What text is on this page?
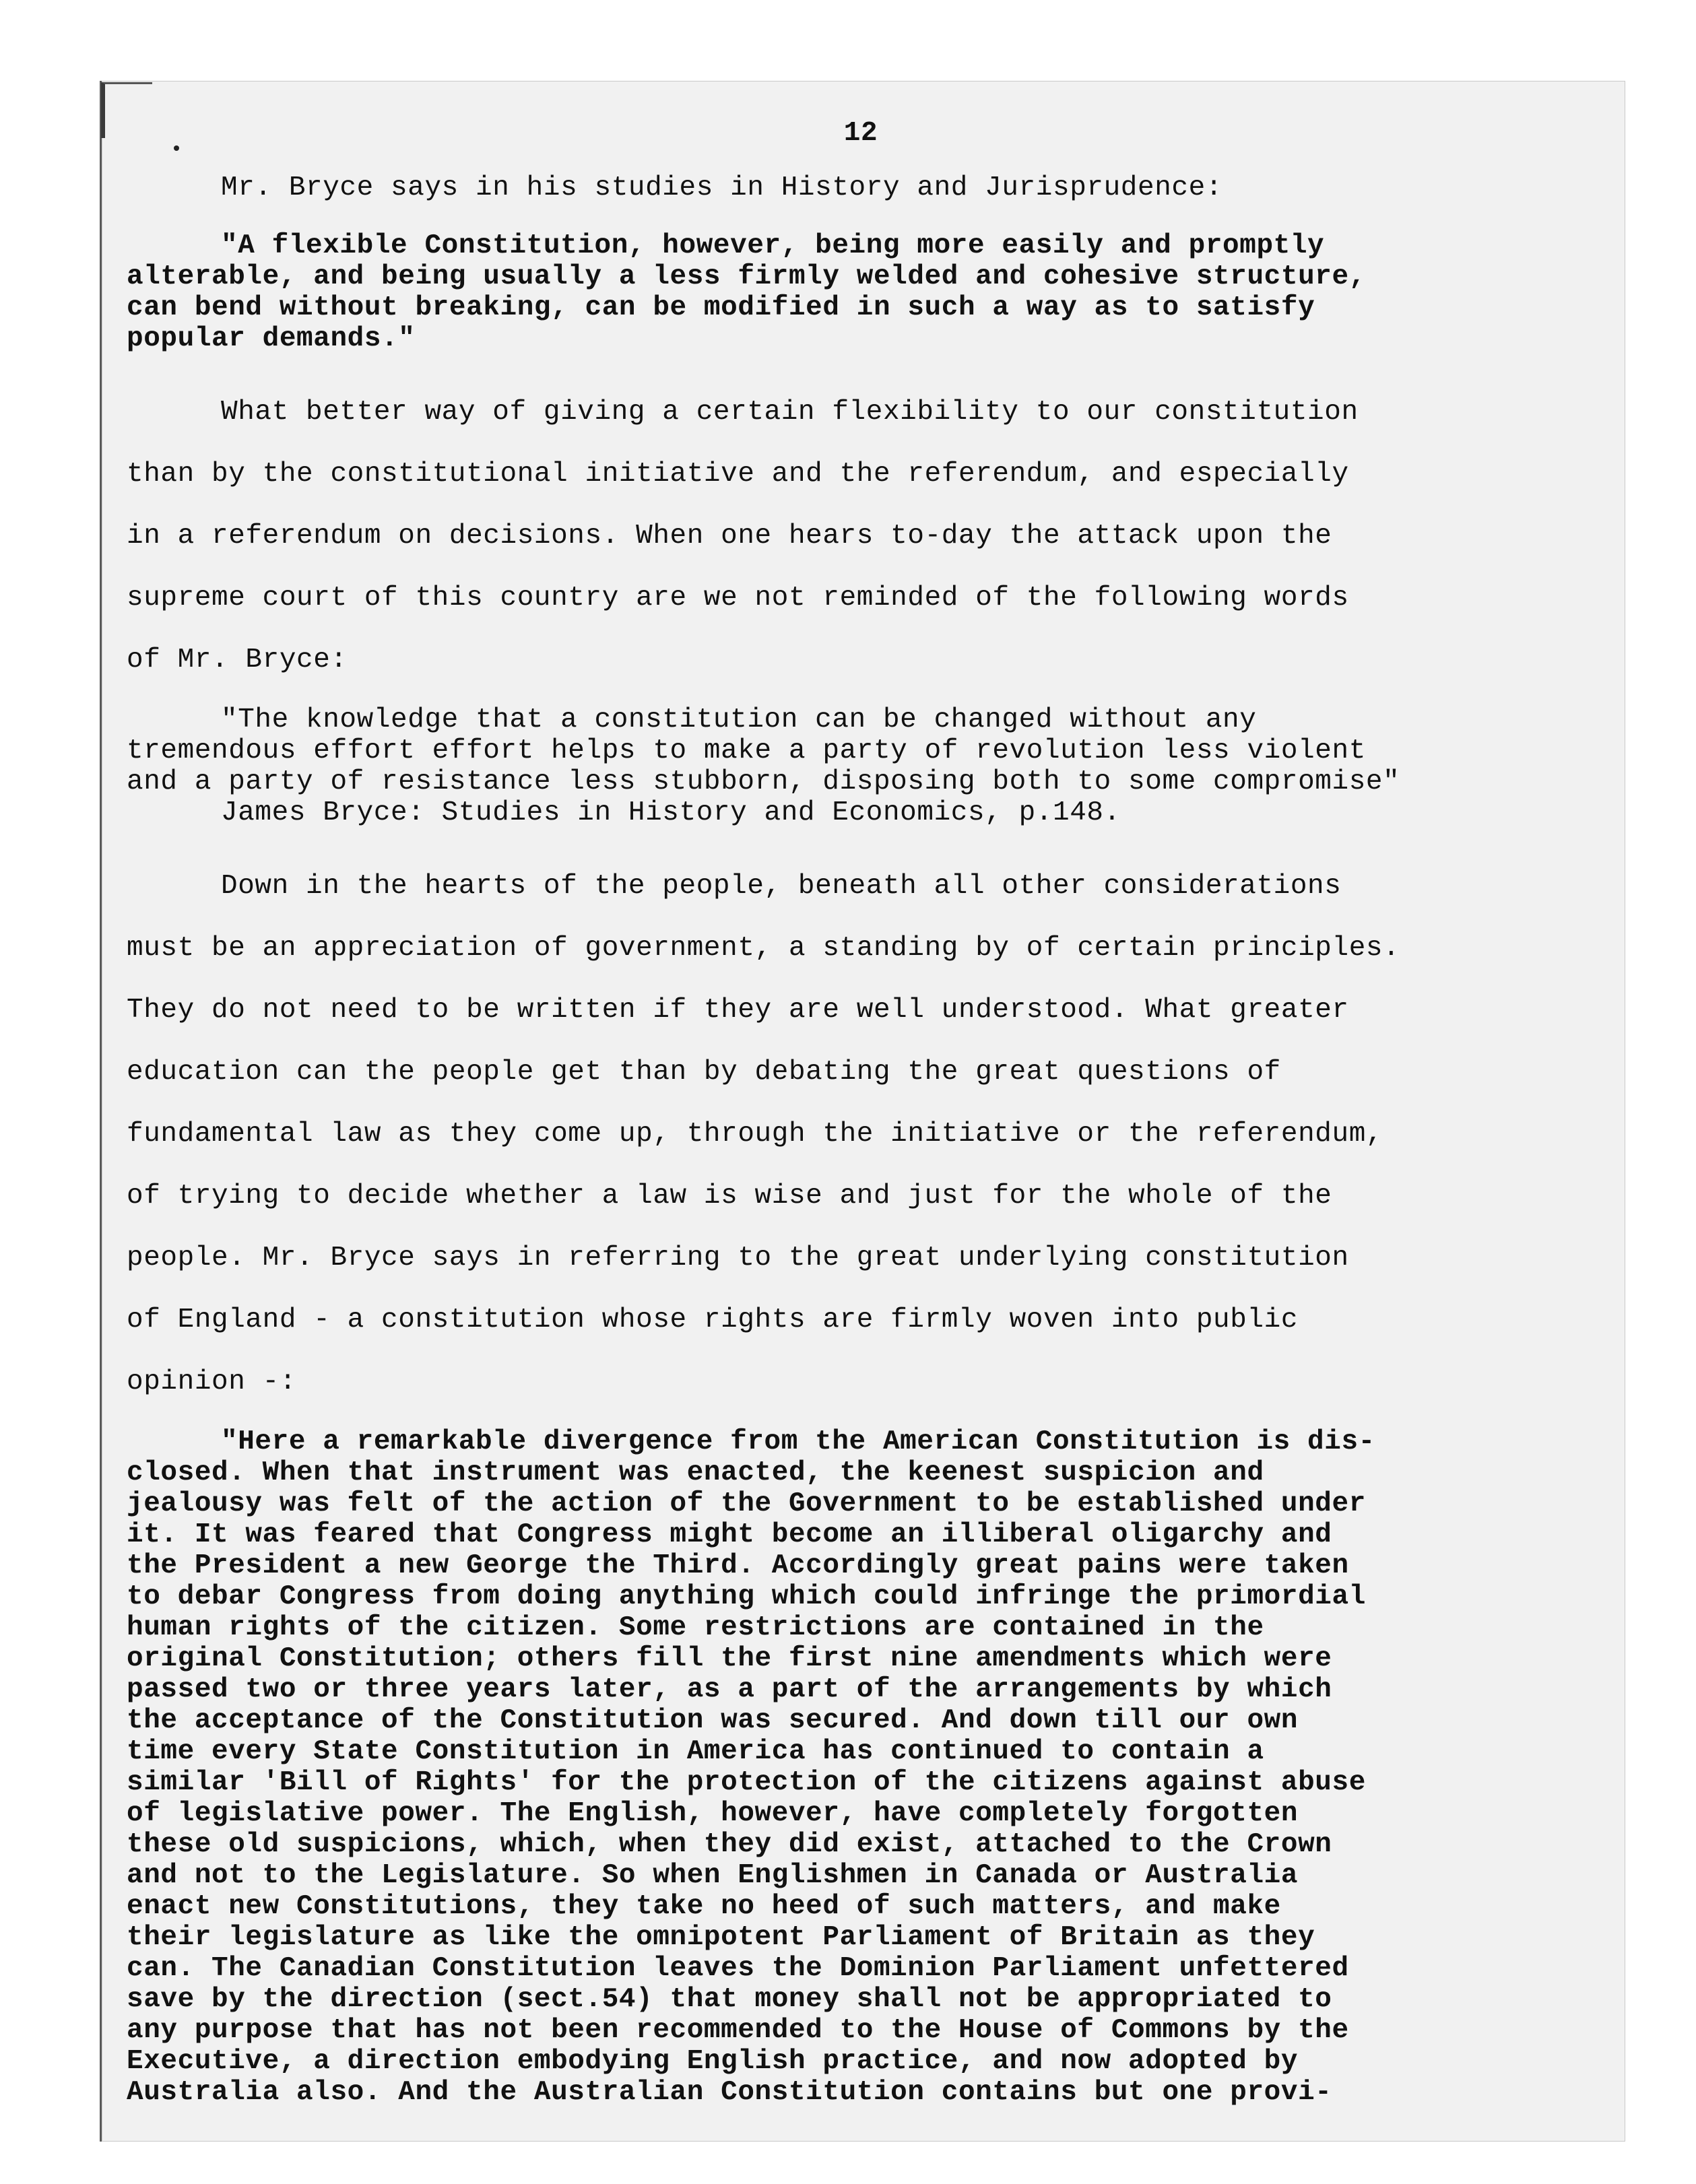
12
Mr. Bryce says in his studies in History and Jurisprudence:
"A flexible Constitution, however, being more easily and promptly
alterable, and being usually a less firmly welded and cohesive structure,
can bend without breaking, can be modified in such a way as to satisfy
popular demands."
What better way of giving a certain flexibility to our constitution
than by the constitutional initiative and the referendum, and especially
in a referendum on decisions. When one hears to-day the attack upon the
supreme court of this country are we not reminded of the following words
of Mr. Bryce:
"The knowledge that a constitution can be changed without any
tremendous effort effort helps to make a party of revolution less violent
and a party of resistance less stubborn, disposing both to some compromise"
James Bryce: Studies in History and Economics, p.148.
Down in the hearts of the people, beneath all other considerations
must be an appreciation of government, a standing by of certain principles.
They do not need to be written if they are well understood. What greater
education can the people get than by debating the great questions of
fundamental law as they come up, through the initiative or the referendum,
of trying to decide whether a law is wise and just for the whole of the
people. Mr. Bryce says in referring to the great underlying constitution
of England - a constitution whose rights are firmly woven into public
opinion -:
"Here a remarkable divergence from the American Constitution is dis-
closed. When that instrument was enacted, the keenest suspicion and
jealousy was felt of the action of the Government to be established under
it. It was feared that Congress might become an illiberal oligarchy and
the President a new George the Third. Accordingly great pains were taken
to debar Congress from doing anything which could infringe the primordial
human rights of the citizen. Some restrictions are contained in the
original Constitution; others fill the first nine amendments which were
passed two or three years later, as a part of the arrangements by which
the acceptance of the Constitution was secured. And down till our own
time every State Constitution in America has continued to contain a
similar 'Bill of Rights' for the protection of the citizens against abuse
of legislative power. The English, however, have completely forgotten
these old suspicions, which, when they did exist, attached to the Crown
and not to the Legislature. So when Englishmen in Canada or Australia
enact new Constitutions, they take no heed of such matters, and make
their legislature as like the omnipotent Parliament of Britain as they
can. The Canadian Constitution leaves the Dominion Parliament unfettered
save by the direction (sect.54) that money shall not be appropriated to
any purpose that has not been recommended to the House of Commons by the
Executive, a direction embodying English practice, and now adopted by
Australia also. And the Australian Constitution contains but one provi-
